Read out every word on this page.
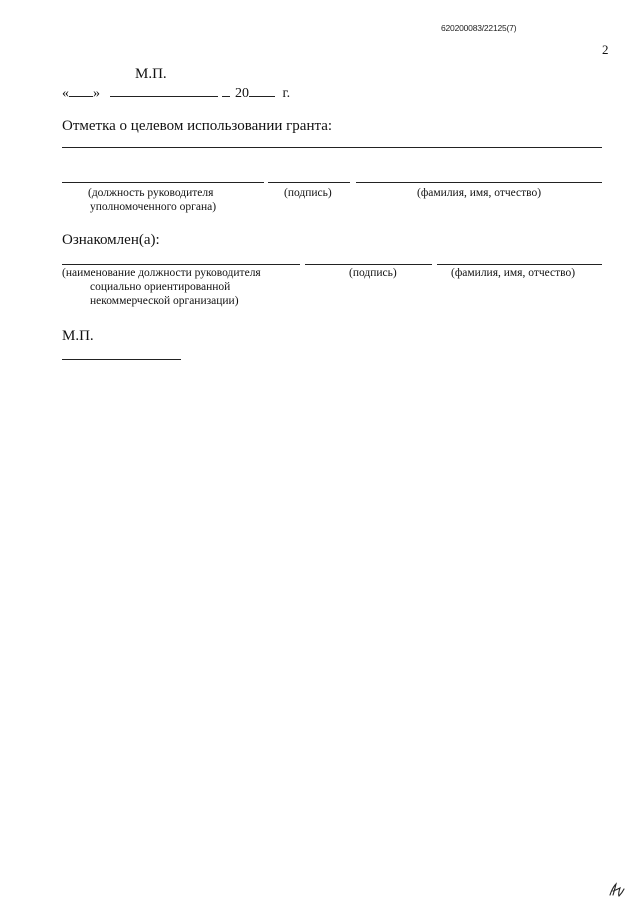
620200083/22125(7)
2
М.П.
« »	20 г.
Отметка о целевом использовании гранта:
(должность руководителя
уполномоченного органа)
(подпись)	(фамилия, имя, отчество)
Ознакомлен(а):
(наименование должности руководителя
социально ориентированной
некоммерческой организации)
(подпись)	(фамилия, имя, отчество)
М.П.
